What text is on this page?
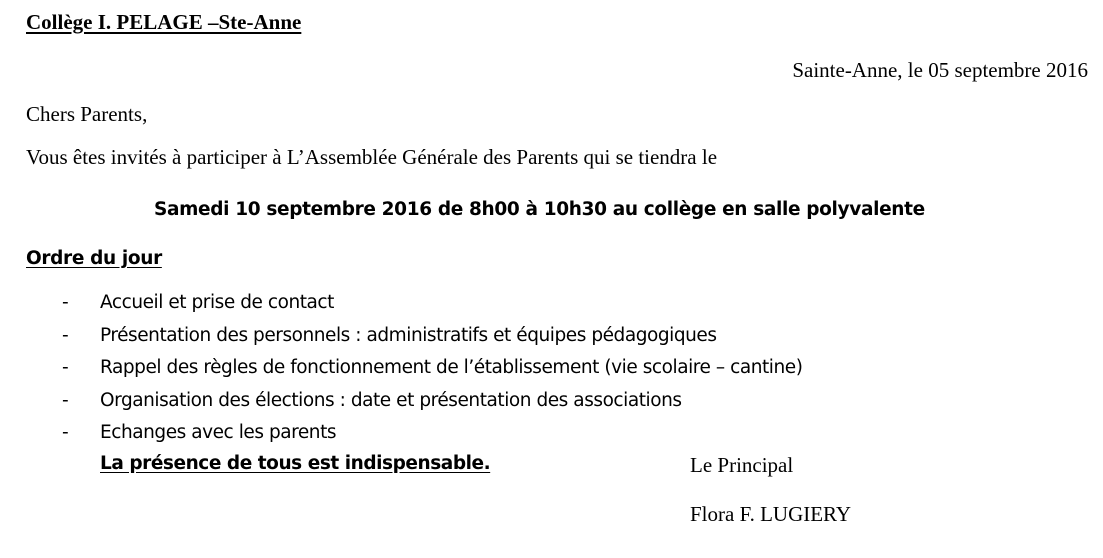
Collège I. PELAGE –Ste-Anne
Sainte-Anne, le 05 septembre 2016
Chers Parents,
Vous êtes invités à participer à L’Assemblée Générale des Parents qui se tiendra le
Samedi 10 septembre 2016 de 8h00 à 10h30 au collège en salle polyvalente
Ordre du jour
- Accueil et prise de contact
- Présentation des personnels : administratifs et équipes pédagogiques
- Rappel des règles de fonctionnement de l’établissement (vie scolaire – cantine)
- Organisation des élections : date et présentation des associations
- Echanges avec les parents
La présence de tous est indispensable.	Le Principal
Flora F. LUGIERY
